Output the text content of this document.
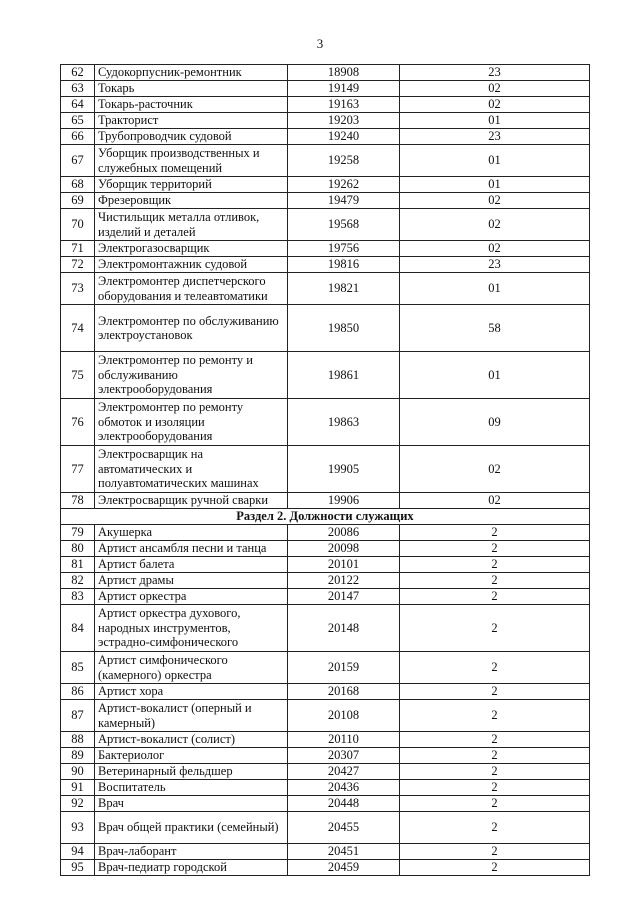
3
62	Судокорпусник-ремонтник	18908	23
63	Токарь	19149	02
64	Токарь-расточник	19163	02
65	Тракторист	19203	01
66	Трубопроводчик судовой	19240	23
67	Уборщик производственных и служебных помещений	19258	01
68	Уборщик территорий	19262	01
69	Фрезеровщик	19479	02
70	Чистильщик металла отливок, изделий и деталей	19568	02
71	Электрогазосварщик	19756	02
72	Электромонтажник судовой	19816	23
73	Электромонтер диспетчерского оборудования и телеавтоматики	19821	01
74	Электромонтер по обслуживанию электроустановок	19850	58
75	Электромонтер по ремонту и обслуживанию электрооборудования	19861	01
76	Электромонтер по ремонту обмоток и изоляции электрооборудования	19863	09
77	Электросварщик на автоматических и полуавтоматических машинах	19905	02
78	Электросварщик ручной сварки	19906	02
Раздел 2. Должности служащих			
79	Акушерка	20086	2
80	Артист ансамбля песни и танца	20098	2
81	Артист балета	20101	2
82	Артист драмы	20122	2
83	Артист оркестра	20147	2
84	Артист оркестра духового, народных инструментов, эстрадно-симфонического	20148	2
85	Артист симфонического (камерного) оркестра	20159	2
86	Артист хора	20168	2
87	Артист-вокалист (оперный и камерный)	20108	2
88	Артист-вокалист (солист)	20110	2
89	Бактериолог	20307	2
90	Ветеринарный фельдшер	20427	2
91	Воспитатель	20436	2
92	Врач	20448	2
93	Врач общей практики (семейный)	20455	2
94	Врач-лаборант	20451	2
95	Врач-педиатр городской	20459	2
